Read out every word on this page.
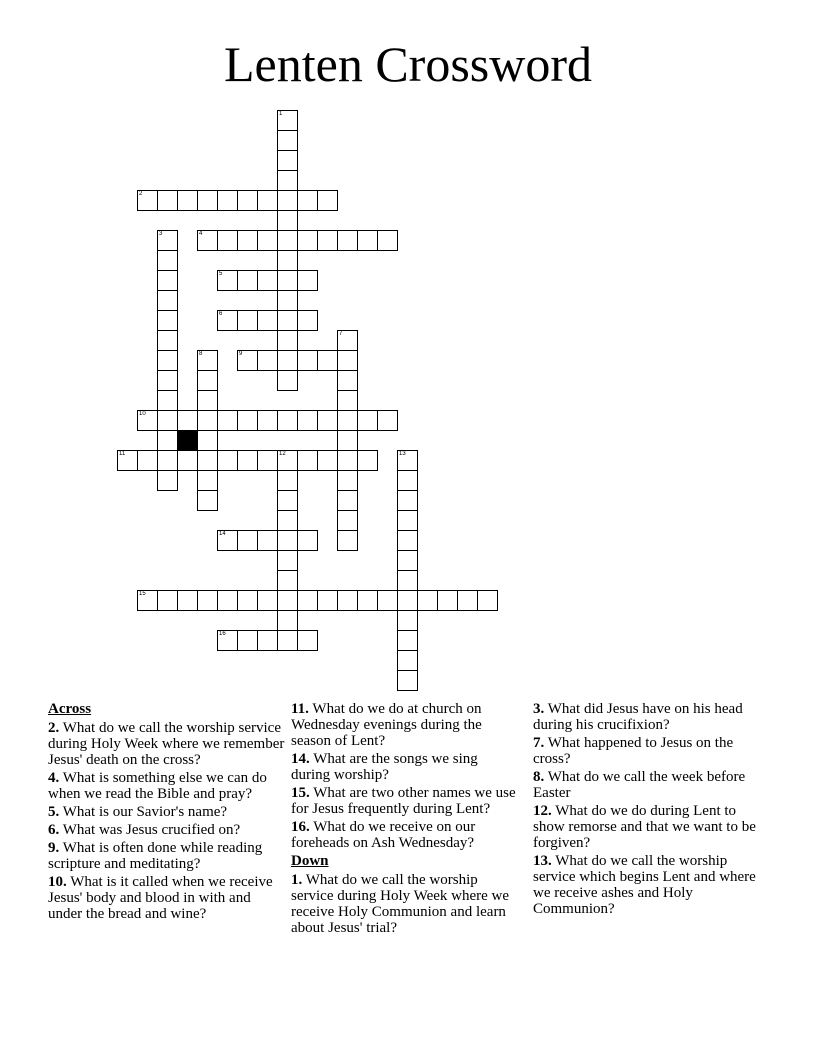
Lenten Crossword
1
2
3	4
5
6
7
8	9
10
11	12	13
14
15
16
Across
2. What do we call the worship service during Holy Week where we remember Jesus' death on the cross?
4. What is something else we can do when we read the Bible and pray?
5. What is our Savior's name?
6. What was Jesus crucified on?
9. What is often done while reading scripture and meditating?
10. What is it called when we receive Jesus' body and blood in with and under the bread and wine?
11. What do we do at church on Wednesday evenings during the season of Lent?
14. What are the songs we sing during worship?
15. What are two other names we use for Jesus frequently during Lent?
16. What do we receive on our foreheads on Ash Wednesday?
Down
1. What do we call the worship service during Holy Week where we receive Holy Communion and learn about Jesus' trial?
3. What did Jesus have on his head during his crucifixion?
7. What happened to Jesus on the cross?
8. What do we call the week before Easter
12. What do we do during Lent to show remorse and that we want to be forgiven?
13. What do we call the worship service which begins Lent and where we receive ashes and Holy Communion?
